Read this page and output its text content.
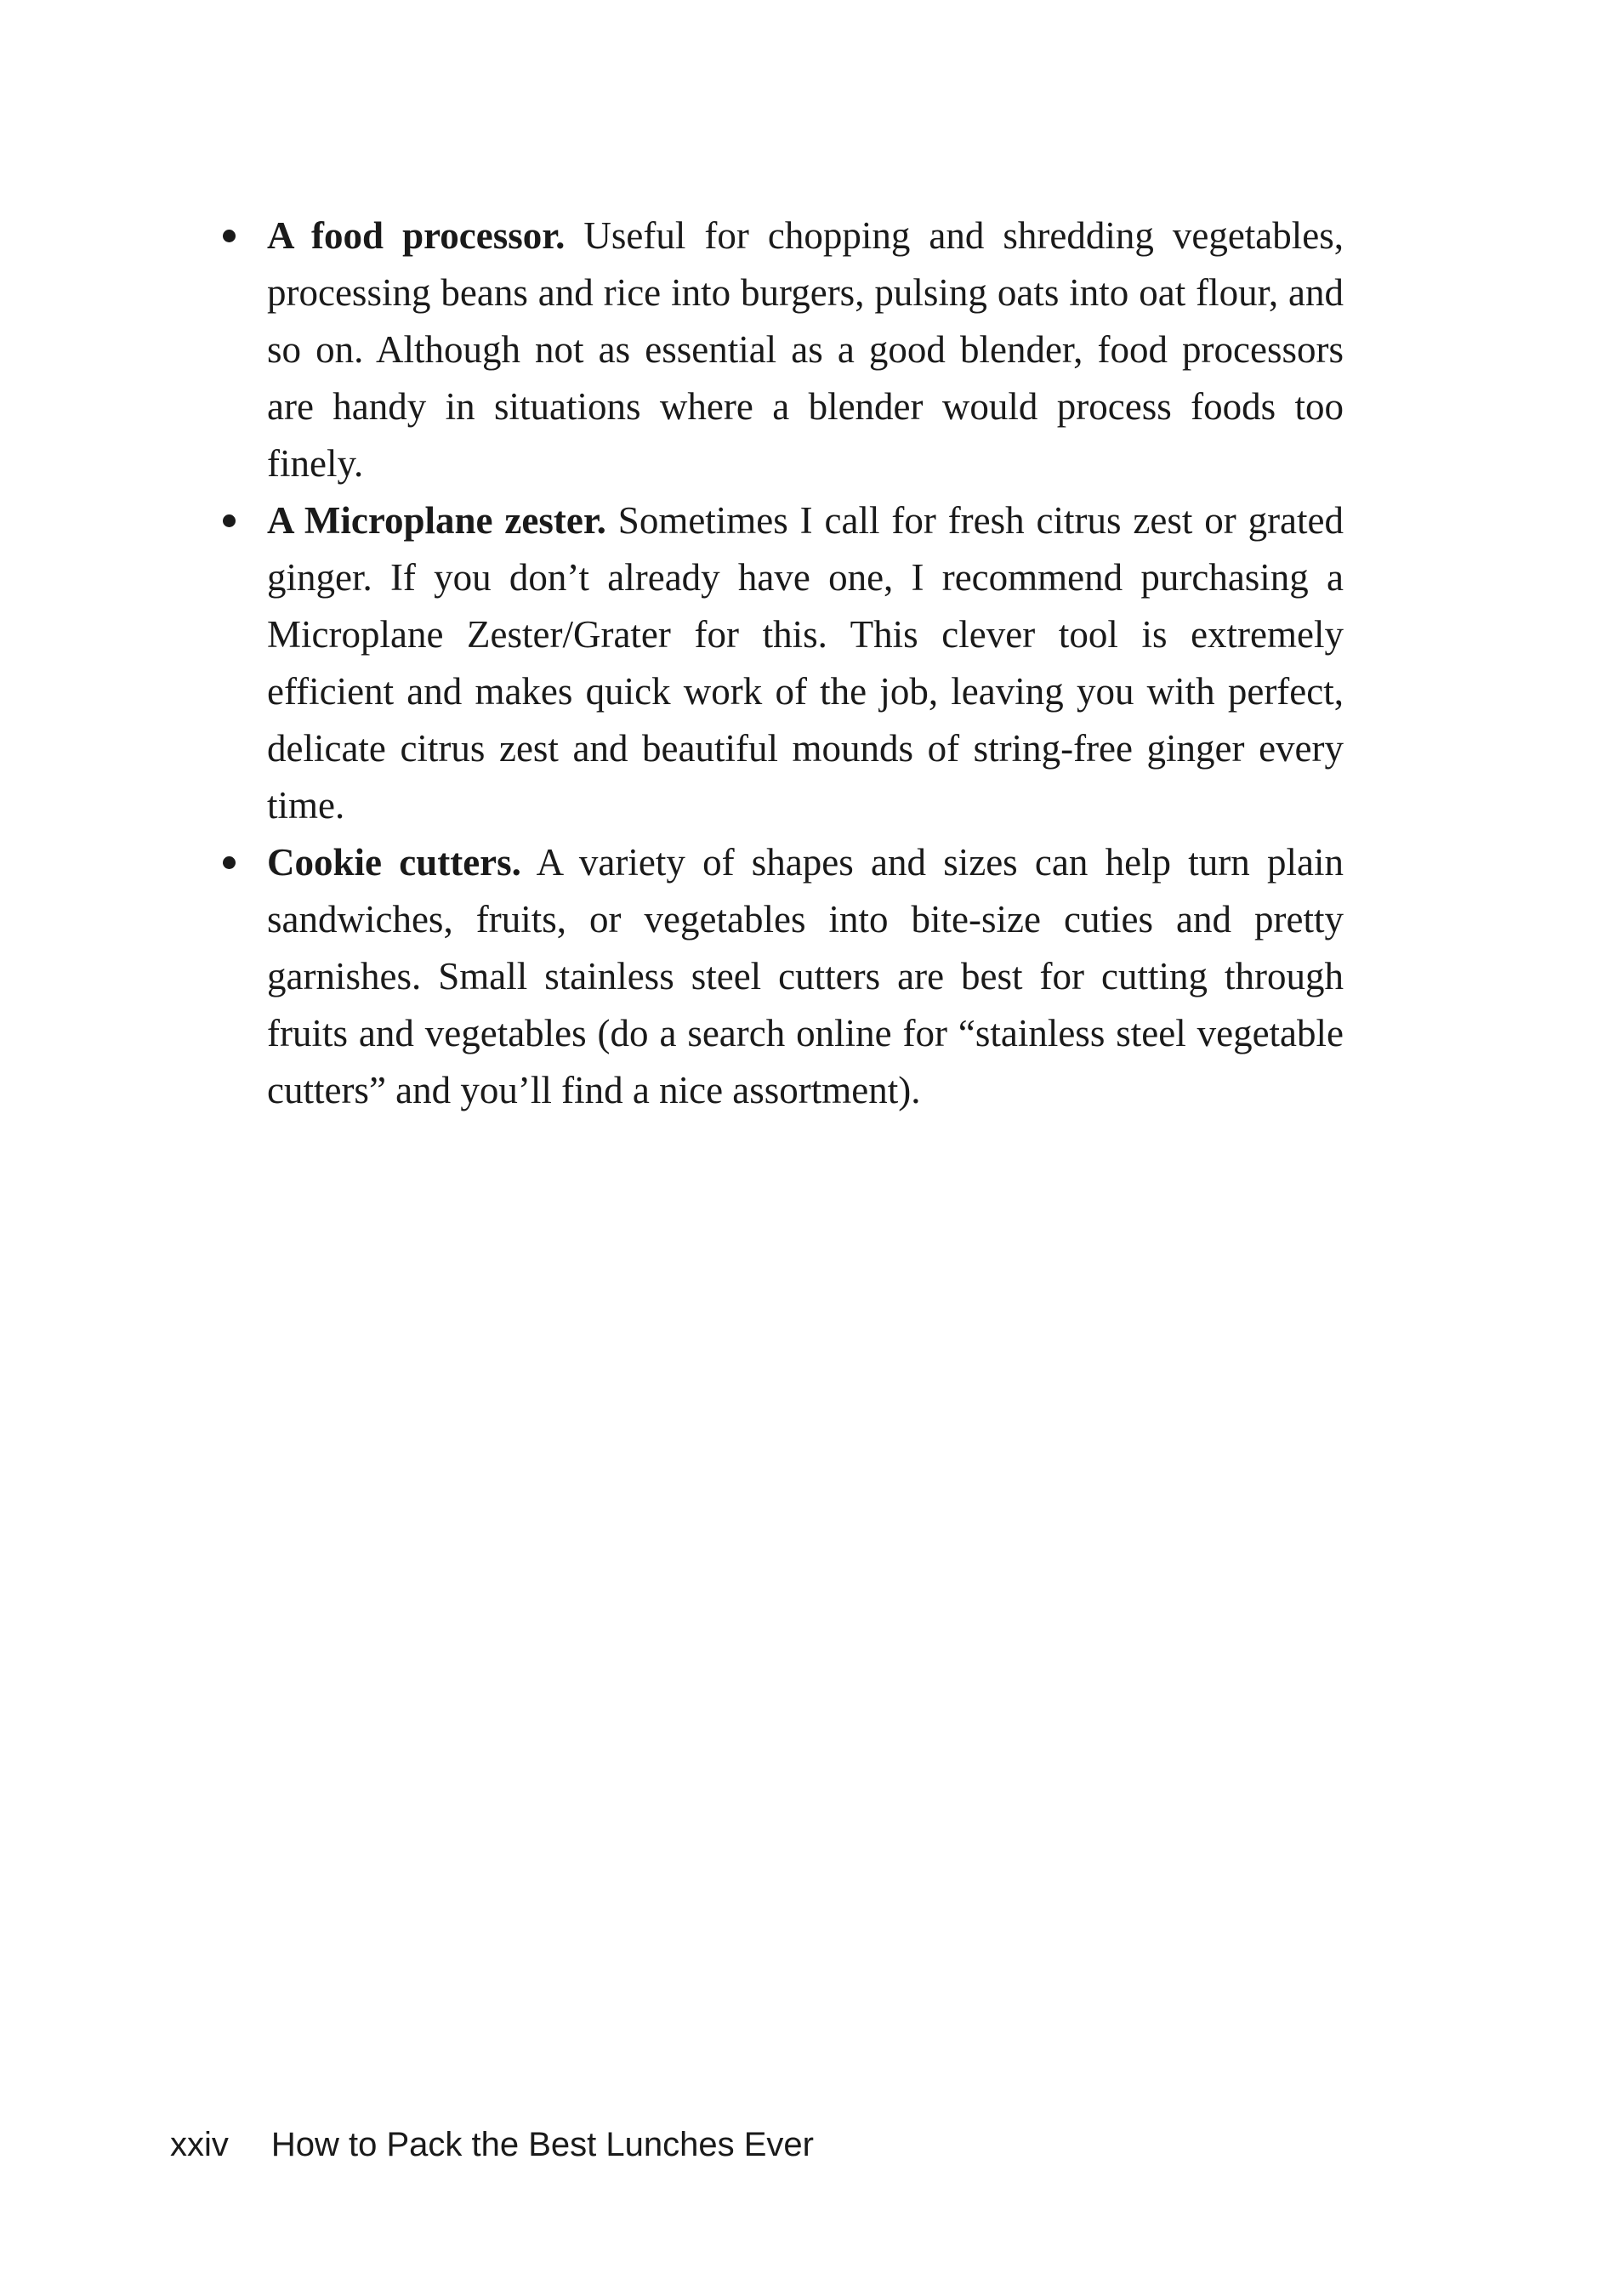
A food processor. Useful for chopping and shredding vegetables, processing beans and rice into burgers, pulsing oats into oat flour, and so on. Although not as essential as a good blender, food processors are handy in situations where a blender would process foods too finely.
A Microplane zester. Sometimes I call for fresh citrus zest or grated ginger. If you don’t already have one, I recommend purchasing a Microplane Zester/Grater for this. This clever tool is extremely efficient and makes quick work of the job, leaving you with perfect, delicate citrus zest and beautiful mounds of string-free ginger every time.
Cookie cutters. A variety of shapes and sizes can help turn plain sandwiches, fruits, or vegetables into bite-size cuties and pretty garnishes. Small stainless steel cutters are best for cutting through fruits and vegetables (do a search online for “stainless steel vegetable cutters” and you’ll find a nice assortment).
xxiv How to Pack the Best Lunches Ever
